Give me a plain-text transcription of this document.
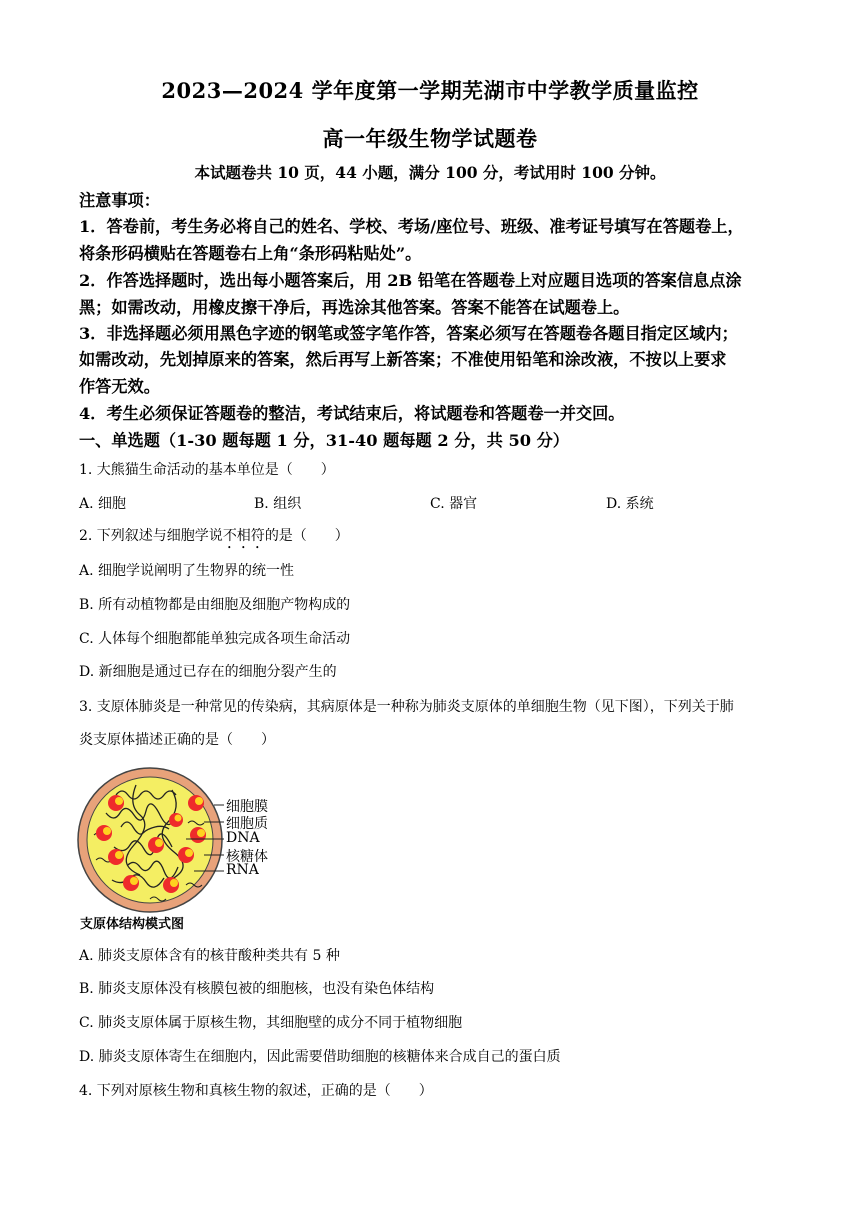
2023—2024 学年度第一学期芜湖市中学教学质量监控
高一年级生物学试题卷
本试题卷共 10 页，44 小题，满分 100 分，考试用时 100 分钟。
注意事项：
1．答卷前，考生务必将自己的姓名、学校、考场/座位号、班级、准考证号填写在答题卷上，
将条形码横贴在答题卷右上角“条形码粘贴处”。
2．作答选择题时，选出每小题答案后，用 2B 铅笔在答题卷上对应题目选项的答案信息点涂
黑；如需改动，用橡皮擦干净后，再选涂其他答案。答案不能答在试题卷上。
3．非选择题必须用黑色字迹的钢笔或签字笔作答，答案必须写在答题卷各题目指定区域内；
如需改动，先划掉原来的答案，然后再写上新答案；不准使用铅笔和涂改液，不按以上要求
作答无效。
4．考生必须保证答题卷的整洁，考试结束后，将试题卷和答题卷一并交回。
一、单选题（1-30 题每题 1 分，31-40 题每题 2 分，共 50 分）
1. 大熊猫生命活动的基本单位是（　　）
A. 细胞	B. 组织	C. 器官	D. 系统
2. 下列叙述与细胞学说不相符的是（　　）
A. 细胞学说阐明了生物界的统一性
B. 所有动植物都是由细胞及细胞产物构成的
C. 人体每个细胞都能单独完成各项生命活动
D. 新细胞是通过已存在的细胞分裂产生的
3. 支原体肺炎是一种常见的传染病，其病原体是一种称为肺炎支原体的单细胞生物（见下图），下列关于肺
炎支原体描述正确的是（　　）
细胞膜
细胞质
DNA
核糖体
RNA
支原体结构模式图
A. 肺炎支原体含有的核苷酸种类共有 5 种
B. 肺炎支原体没有核膜包被的细胞核，也没有染色体结构
C. 肺炎支原体属于原核生物，其细胞壁的成分不同于植物细胞
D. 肺炎支原体寄生在细胞内，因此需要借助细胞的核糖体来合成自己的蛋白质
4. 下列对原核生物和真核生物的叙述，正确的是（　　）
